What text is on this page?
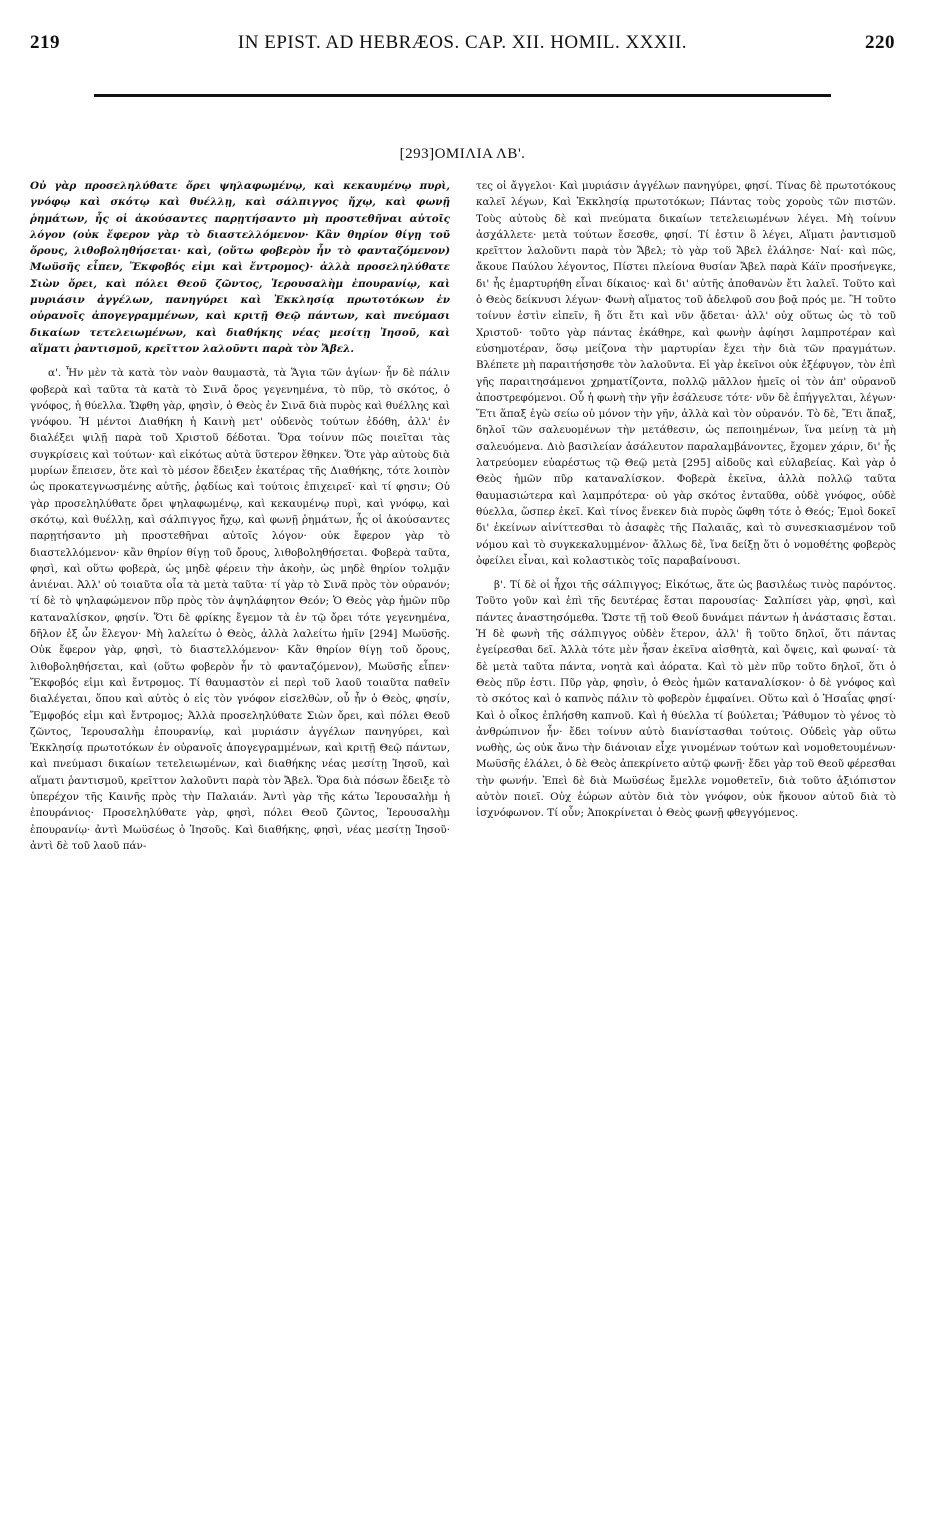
219	IN EPIST. AD HEBRÆOS. CAP. XII. HOMIL. XXXII.	220
[293]ΟΜΙΛΙΑ ΛΒ'.

Οὐ γὰρ προσεληλύθατε ὄρει ψηλαφωμένῳ, καὶ κεκαυμένῳ πυρὶ, γνόφῳ καὶ σκότῳ καὶ θυέλλῃ, καὶ σάλπιγγος ἤχῳ, καὶ φωνῇ ῥημάτων, ἧς οἱ ἀκούσαντες παρῃτήσαντο μὴ προστεθῆναι αὐτοῖς λόγον (οὐκ ἔφερον γὰρ τὸ διαστελλόμενον· Κἂν θηρίον θίγῃ τοῦ ὄρους, λιθοβοληθήσεται· καὶ, (οὕτω φοβερὸν ἦν τὸ φανταζόμενον) Μωϋσῆς εἶπεν, Ἔκφοβός εἰμι καὶ ἔντρομος)· ἀλλὰ προσεληλύθατε Σιὼν ὄρει, καὶ πόλει Θεοῦ ζῶντος, Ἱερουσαλὴμ ἐπουρανίῳ, καὶ μυριάσιν ἀγγέλων, πανηγύρει καὶ Ἐκκλησίᾳ πρωτοτόκων ἐν οὐρανοῖς ἀπογεγραμμένων, καὶ κριτῇ Θεῷ πάντων, καὶ πνεύμασι δικαίων τετελειωμένων, καὶ διαθήκης νέας μεσίτῃ Ἰησοῦ, καὶ αἵματι ῥαντισμοῦ, κρεῖττον λαλοῦντι παρὰ τὸν Ἄβελ.

α'. Ἦν μὲν τὰ κατὰ τὸν ναὸν θαυμαστὰ, τὰ Ἅγια τῶν ἁγίων· ἦν δὲ πάλιν φοβερὰ καὶ ταῦτα τὰ κατὰ τὸ Σινᾶ ὄρος γεγενημένα, τὸ πῦρ, τὸ σκότος, ὁ γνόφος, ἡ θύελλα. Ὤφθη γὰρ, φησὶν, ὁ Θεὸς ἐν Σινᾶ διὰ πυρὸς καὶ θυέλλης καὶ γνόφου. Ἡ μέντοι Διαθήκη ἡ Καινὴ μετ' οὐδενὸς τούτων ἐδόθη, ἀλλ' ἐν διαλέξει ψιλῇ παρὰ τοῦ Χριστοῦ δέδοται. Ὅρα τοίνυν πῶς ποιεῖται τὰς συγκρίσεις καὶ τούτων· καὶ εἰκότως αὐτὰ ὕστερον ἔθηκεν. Ὅτε γὰρ αὐτοὺς διὰ μυρίων ἔπεισεν, ὅτε καὶ τὸ μέσον ἔδειξεν ἑκατέρας τῆς Διαθήκης, τότε λοιπὸν ὡς προκατεγνωσμένης αὐτῆς, ῥᾳδίως καὶ τούτοις ἐπιχειρεῖ· καὶ τί φησιν; Οὐ γὰρ προσεληλύθατε ὄρει ψηλαφωμένῳ, καὶ κεκαυμένῳ πυρὶ, καὶ γνόφῳ, καὶ σκότῳ, καὶ θυέλλῃ, καὶ σάλπιγγος ἤχῳ, καὶ φωνῇ ῥημάτων, ἧς οἱ ἀκούσαντες παρῃτήσαντο μὴ προστεθῆναι αὐτοῖς λόγον· οὐκ ἔφερον γὰρ τὸ διαστελλόμενον· κἂν θηρίον θίγῃ τοῦ ὄρους, λιθοβοληθήσεται. Φοβερὰ ταῦτα, φησὶ, καὶ οὕτω φοβερὰ, ὡς μηδὲ φέρειν τὴν ἀκοὴν, ὡς μηδὲ θηρίον τολμᾷν ἀνιέναι. Ἀλλ' οὐ τοιαῦτα οἷα τὰ μετὰ ταῦτα· τί γὰρ τὸ Σινᾶ πρὸς τὸν οὐρανόν; τί δὲ τὸ ψηλαφώμενον πῦρ πρὸς τὸν ἀψηλάφητον Θεόν; Ὁ Θεὸς γὰρ ἡμῶν πῦρ καταναλίσκον, φησίν. Ὅτι δὲ φρίκης ἔγεμον τὰ ἐν τῷ ὄρει τότε γεγενημένα, δῆλον ἐξ ὧν ἔλεγον· Μὴ λαλείτω ὁ Θεὸς, ἀλλὰ λαλείτω ἡμῖν [294] Μωϋσῆς. Οὐκ ἔφερον γὰρ, φησὶ, τὸ διαστελλόμενον· Κἂν θηρίον θίγῃ τοῦ ὄρους, λιθοβοληθήσεται, καὶ (οὕτω φοβερὸν ἦν τὸ φανταζόμενον), Μωϋσῆς εἶπεν· Ἔκφοβός εἰμι καὶ ἔντρομος. Τί θαυμαστὸν εἰ περὶ τοῦ λαοῦ τοιαῦτα παθεῖν διαλέγεται, ὅπου καὶ αὐτὸς ὁ εἰς τὸν γνόφον εἰσελθὼν, οὗ ἦν ὁ Θεὸς, φησίν, Ἔμφοβός εἰμι καὶ ἔντρομος; Ἀλλὰ προσεληλύθατε Σιὼν ὄρει, καὶ πόλει Θεοῦ ζῶντος, Ἱερουσαλὴμ ἐπουρανίῳ, καὶ μυριάσιν ἀγγέλων πανηγύρει, καὶ Ἐκκλησίᾳ πρωτοτόκων ἐν οὐρανοῖς ἀπογεγραμμένων, καὶ κριτῇ Θεῷ πάντων, καὶ πνεύμασι δικαίων τετελειωμένων, καὶ διαθήκης νέας μεσίτῃ Ἰησοῦ, καὶ αἵματι ῥαντισμοῦ, κρεῖττον λαλοῦντι παρὰ τὸν Ἄβελ. Ὅρα διὰ πόσων ἔδειξε τὸ ὑπερέχον τῆς Καινῆς πρὸς τὴν Παλαιάν. Ἀντὶ γὰρ τῆς κάτω Ἱερουσαλὴμ ἡ ἐπουράνιος· Προσεληλύθατε γὰρ, φησὶ, πόλει Θεοῦ ζῶντος, Ἱερουσαλὴμ ἐπουρανίῳ· ἀντὶ Μωϋσέως ὁ Ἰησοῦς. Καὶ διαθήκης, φησὶ, νέας μεσίτῃ Ἰησοῦ· ἀντὶ δὲ τοῦ λαοῦ πάν-

τες οἱ ἄγγελοι· Καὶ μυριάσιν ἀγγέλων πανηγύρει, φησί. Τίνας δὲ πρωτοτόκους καλεῖ λέγων, Καὶ Ἐκκλησίᾳ πρωτοτόκων; Πάντας τοὺς χοροὺς τῶν πιστῶν. Τοὺς αὐτοὺς δὲ καὶ πνεύματα δικαίων τετελειωμένων λέγει. Μὴ τοίνυν ἀσχάλλετε· μετὰ τούτων ἔσεσθε, φησί. Τί ἐστιν ὃ λέγει, Αἵματι ῥαντισμοῦ κρεῖττον λαλοῦντι παρὰ τὸν Ἄβελ; τὸ γὰρ τοῦ Ἄβελ ἐλάλησε· Ναί· καὶ πῶς, ἄκουε Παύλου λέγοντος, Πίστει πλείονα θυσίαν Ἄβελ παρὰ Κάϊν προσήνεγκε, δι' ἧς ἐμαρτυρήθη εἶναι δίκαιος· καὶ δι' αὐτῆς ἀποθανὼν ἔτι λαλεῖ. Τοῦτο καὶ ὁ Θεὸς δείκνυσι λέγων· Φωνὴ αἵματος τοῦ ἀδελφοῦ σου βοᾷ πρός με. Ἢ τοῦτο τοίνυν ἐστὶν εἰπεῖν, ἢ ὅτι ἔτι καὶ νῦν ᾄδεται· ἀλλ' οὐχ οὕτως ὡς τὸ τοῦ Χριστοῦ· τοῦτο γὰρ πάντας ἐκάθηρε, καὶ φωνὴν ἀφίησι λαμπροτέραν καὶ εὐσημοτέραν, ὅσῳ μείζονα τὴν μαρτυρίαν ἔχει τὴν διὰ τῶν πραγμάτων. Βλέπετε μὴ παραιτήσησθε τὸν λαλοῦντα. Εἰ γὰρ ἐκεῖνοι οὐκ ἐξέφυγον, τὸν ἐπὶ γῆς παραιτησάμενοι χρηματίζοντα, πολλῷ μᾶλλον ἡμεῖς οἱ τὸν ἀπ' οὐρανοῦ ἀποστρεφόμενοι. Οὗ ἡ φωνὴ τὴν γῆν ἐσάλευσε τότε· νῦν δὲ ἐπήγγελται, λέγων· Ἔτι ἅπαξ ἐγὼ σείω οὐ μόνον τὴν γῆν, ἀλλὰ καὶ τὸν οὐρανόν. Τὸ δὲ, Ἔτι ἅπαξ, δηλοῖ τῶν σαλευομένων τὴν μετάθεσιν, ὡς πεποιημένων, ἵνα μείνῃ τὰ μὴ σαλευόμενα. Διὸ βασιλείαν ἀσάλευτον παραλαμβάνοντες, ἔχομεν χάριν, δι' ἧς λατρεύομεν εὐαρέστως τῷ Θεῷ μετὰ [295] αἰδοῦς καὶ εὐλαβείας. Καὶ γὰρ ὁ Θεὸς ἡμῶν πῦρ καταναλίσκον. Φοβερὰ ἐκεῖνα, ἀλλὰ πολλῷ ταῦτα θαυμασιώτερα καὶ λαμπρότερα· οὐ γὰρ σκότος ἐνταῦθα, οὐδὲ γνόφος, οὐδὲ θύελλα, ὥσπερ ἐκεῖ. Καὶ τίνος ἕνεκεν διὰ πυρὸς ὤφθη τότε ὁ Θεός; Ἐμοὶ δοκεῖ δι' ἐκείνων αἰνίττεσθαι τὸ ἀσαφὲς τῆς Παλαιᾶς, καὶ τὸ συνεσκιασμένον τοῦ νόμου καὶ τὸ συγκεκαλυμμένον· ἄλλως δὲ, ἵνα δείξῃ ὅτι ὁ νομοθέτης φοβερὸς ὀφείλει εἶναι, καὶ κολαστικὸς τοῖς παραβαίνουσι.

β'. Τί δὲ οἱ ἦχοι τῆς σάλπιγγος; Εἰκότως, ἅτε ὡς βασιλέως τινὸς παρόντος. Τοῦτο γοῦν καὶ ἐπὶ τῆς δευτέρας ἔσται παρουσίας· Σαλπίσει γὰρ, φησὶ, καὶ πάντες ἀναστησόμεθα. Ὥστε τῇ τοῦ Θεοῦ δυνάμει πάντων ἡ ἀνάστασις ἔσται. Ἡ δὲ φωνὴ τῆς σάλπιγγος οὐδὲν ἕτερον, ἀλλ' ἢ τοῦτο δηλοῖ, ὅτι πάντας ἐγείρεσθαι δεῖ. Ἀλλὰ τότε μὲν ἦσαν ἐκεῖνα αἰσθητὰ, καὶ ὄψεις, καὶ φωναί· τὰ δὲ μετὰ ταῦτα πάντα, νοητὰ καὶ ἀόρατα. Καὶ τὸ μὲν πῦρ τοῦτο δηλοῖ, ὅτι ὁ Θεὸς πῦρ ἐστι. Πῦρ γὰρ, φησὶν, ὁ Θεὸς ἡμῶν καταναλίσκον· ὁ δὲ γνόφος καὶ τὸ σκότος καὶ ὁ καπνὸς πάλιν τὸ φοβερὸν ἐμφαίνει. Οὕτω καὶ ὁ Ἡσαΐας φησί· Καὶ ὁ οἶκος ἐπλήσθη καπνοῦ. Καὶ ἡ θύελλα τί βούλεται; Ῥάθυμον τὸ γένος τὸ ἀνθρώπινον ἦν· ἔδει τοίνυν αὐτὸ διανίστασθαι τούτοις. Οὐδεὶς γὰρ οὕτω νωθὴς, ὡς οὐκ ἄνω τὴν διάνοιαν εἶχε γινομένων τούτων καὶ νομοθετουμένων· Μωϋσῆς ἐλάλει, ὁ δὲ Θεὸς ἀπεκρίνετο αὐτῷ φωνῇ· ἔδει γὰρ τοῦ Θεοῦ φέρεσθαι τὴν φωνήν. Ἐπεὶ δὲ διὰ Μωϋσέως ἔμελλε νομοθετεῖν, διὰ τοῦτο ἀξιόπιστον αὐτὸν ποιεῖ. Οὐχ ἑώρων αὐτὸν διὰ τὸν γνόφον, οὐκ ἤκουον αὐτοῦ διὰ τὸ ἰσχνόφωνον. Τί οὖν; Ἀποκρίνεται ὁ Θεὸς φωνῇ φθεγγόμενος.
